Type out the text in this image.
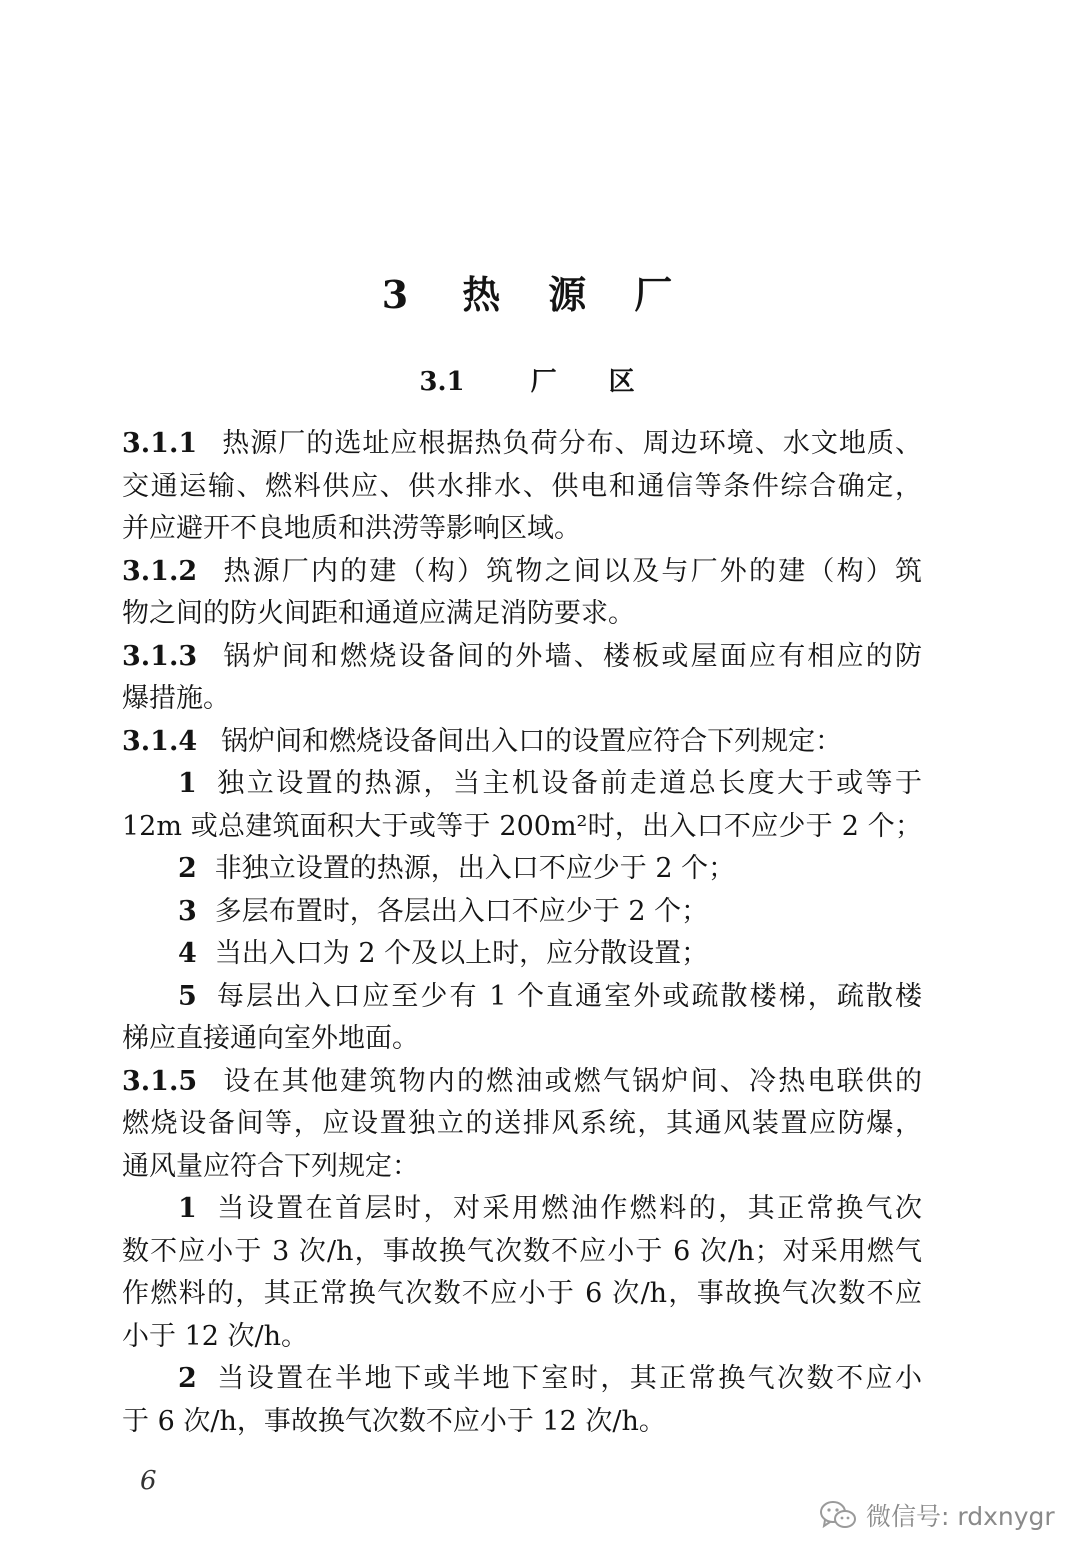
3 热 源 厂
3.1	厂 区
3.1.1 热源厂的选址应根据热负荷分布、周边环境、水文地质、
交通运输、燃料供应、供水排水、供电和通信等条件综合确定，
并应避开不良地质和洪涝等影响区域。
3.1.2 热源厂内的建（构）筑物之间以及与厂外的建（构）筑
物之间的防火间距和通道应满足消防要求。
3.1.3 锅炉间和燃烧设备间的外墙、楼板或屋面应有相应的防
爆措施。
3.1.4 锅炉间和燃烧设备间出入口的设置应符合下列规定：
1 独立设置的热源，当主机设备前走道总长度大于或等于
12m 或总建筑面积大于或等于 200m²时，出入口不应少于 2 个；
2 非独立设置的热源，出入口不应少于 2 个；
3 多层布置时，各层出入口不应少于 2 个；
4 当出入口为 2 个及以上时，应分散设置；
5 每层出入口应至少有 1 个直通室外或疏散楼梯，疏散楼
梯应直接通向室外地面。
3.1.5 设在其他建筑物内的燃油或燃气锅炉间、冷热电联供的
燃烧设备间等，应设置独立的送排风系统，其通风装置应防爆，
通风量应符合下列规定：
1 当设置在首层时，对采用燃油作燃料的，其正常换气次
数不应小于 3 次/h，事故换气次数不应小于 6 次/h；对采用燃气
作燃料的，其正常换气次数不应小于 6 次/h，事故换气次数不应
小于 12 次/h。
2 当设置在半地下或半地下室时，其正常换气次数不应小
于 6 次/h，事故换气次数不应小于 12 次/h。
6
微信号: rdxnygr
